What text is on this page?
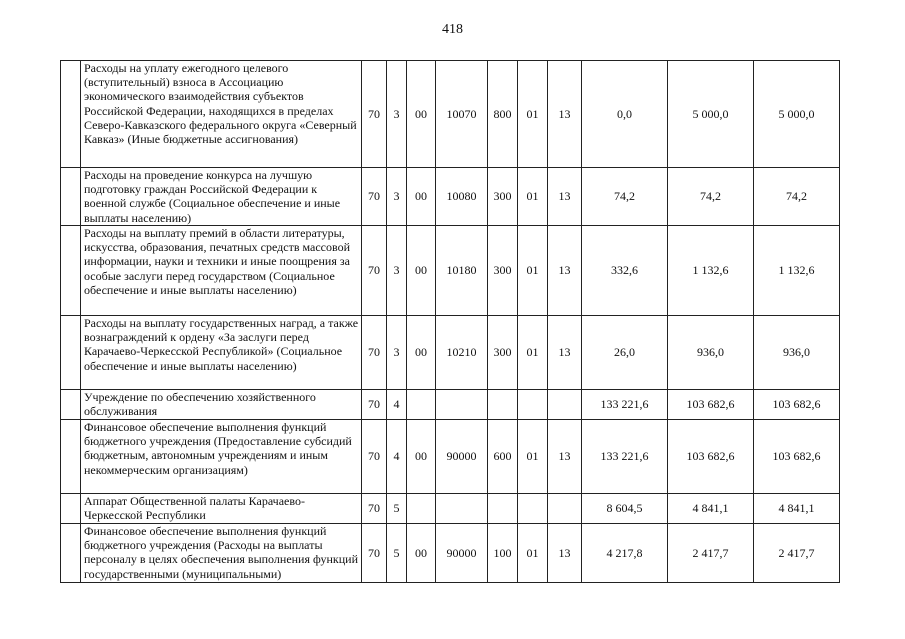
418
	Расходы на уплату ежегодного целевого (вступительный) взноса в Ассоциацию экономического взаимодействия субъектов Российской Федерации, находящихся в пределах Северо-Кавказского федерального округа «Северный Кавказ» (Иные бюджетные ассигнования)	70	3	00	10070	800	01	13	0,0	5 000,0	5 000,0
	Расходы на проведение конкурса на лучшую подготовку граждан Российской Федерации к военной службе (Социальное обеспечение и иные выплаты населению)	70	3	00	10080	300	01	13	74,2	74,2	74,2
	Расходы на выплату премий в области литературы, искусства, образования, печатных средств массовой информации, науки и техники и иные поощрения за особые заслуги перед государством (Социальное обеспечение и иные выплаты населению)	70	3	00	10180	300	01	13	332,6	1 132,6	1 132,6
	Расходы на выплату государственных наград, а также вознаграждений к ордену «За заслуги перед Карачаево-Черкесской Республикой» (Социальное обеспечение и иные выплаты населению)	70	3	00	10210	300	01	13	26,0	936,0	936,0
	Учреждение по обеспечению хозяйственного обслуживания	70	4						133 221,6	103 682,6	103 682,6
	Финансовое обеспечение выполнения функций бюджетного учреждения (Предоставление субсидий бюджетным, автономным учреждениям и иным некоммерческим организациям)	70	4	00	90000	600	01	13	133 221,6	103 682,6	103 682,6
	Аппарат Общественной палаты Карачаево-Черкесской Республики	70	5						8 604,5	4 841,1	4 841,1
	Финансовое обеспечение выполнения функций бюджетного учреждения (Расходы на выплаты персоналу в целях обеспечения выполнения функций государственными (муниципальными)	70	5	00	90000	100	01	13	4 217,8	2 417,7	2 417,7
